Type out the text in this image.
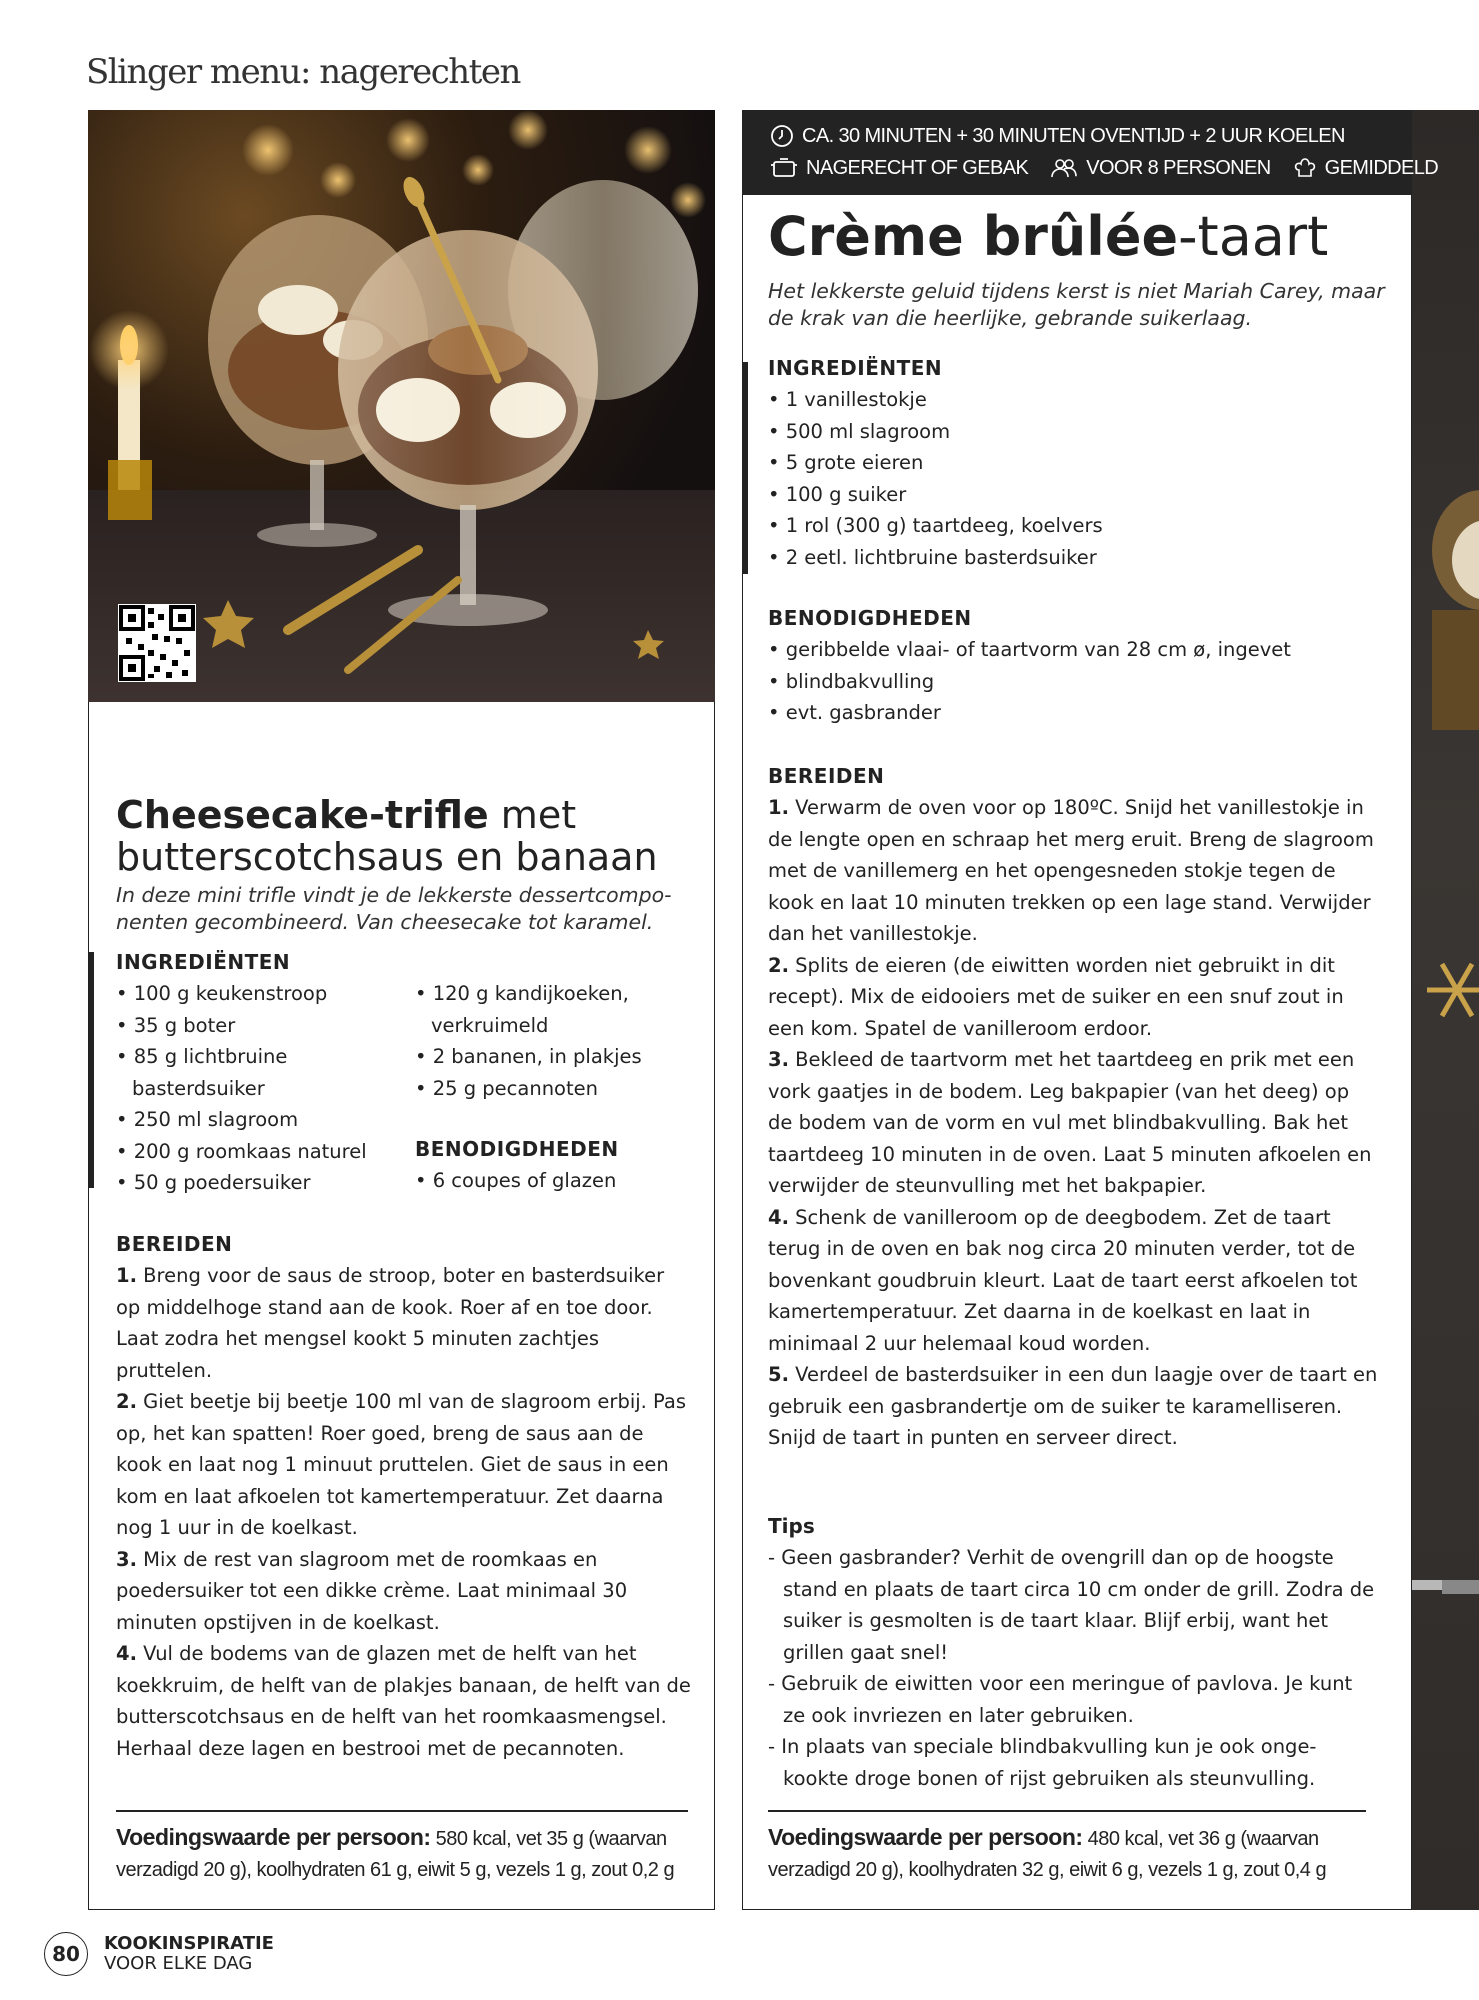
Slinger menu: nagerechten
Cheesecake-trifle met
butterscotchsaus en banaan
In deze mini trifle vindt je de lekkerste dessertcompo-nenten gecombineerd. Van cheesecake tot karamel.
INGREDIËNTEN
• 100 g keukenstroop
• 35 g boter
• 85 g lichtbruine basterdsuiker
• 250 ml slagroom
• 200 g roomkaas naturel
• 50 g poedersuiker
• 120 g kandijkoeken, verkruimeld
• 2 bananen, in plakjes
• 25 g pecannoten
BENODIGDHEDEN
• 6 coupes of glazen
BEREIDEN

1. Breng voor de saus de stroop, boter en basterdsuiker op middelhoge stand aan de kook. Roer af en toe door. Laat zodra het mengsel kookt 5 minuten zachtjes pruttelen.

2. Giet beetje bij beetje 100 ml van de slagroom erbij. Pas op, het kan spatten! Roer goed, breng de saus aan de kook en laat nog 1 minuut pruttelen. Giet de saus in een kom en laat afkoelen tot kamertemperatuur. Zet daarna nog 1 uur in de koelkast.

3. Mix de rest van slagroom met de roomkaas en poedersuiker tot een dikke crème. Laat minimaal 30 minuten opstijven in de koelkast.

4. Vul de bodems van de glazen met de helft van het koekkruim, de helft van de plakjes banaan, de helft van de butterscotchsaus en de helft van het roomkaasmengsel. Herhaal deze lagen en bestrooi met de pecannoten.

Voedingswaarde per persoon: 580 kcal, vet 35 g (waarvan verzadigd 20 g), koolhydraten 61 g, eiwit 5 g, vezels 1 g, zout 0,2 g
CA. 30 MINUTEN + 30 MINUTEN OVENTIJD + 2 UUR KOELEN
NAGERECHT OF GEBAK	VOOR 8 PERSONEN	GEMIDDELD
Crème brûlée-taart
Het lekkerste geluid tijdens kerst is niet Mariah Carey, maar de krak van die heerlijke, gebrande suikerlaag.
INGREDIËNTEN
• 1 vanillestokje
• 500 ml slagroom
• 5 grote eieren
• 100 g suiker
• 1 rol (300 g) taartdeeg, koelvers
• 2 eetl. lichtbruine basterdsuiker
BENODIGDHEDEN
• geribbelde vlaai- of taartvorm van 28 cm ø, ingevet
• blindbakvulling
• evt. gasbrander
BEREIDEN

1. Verwarm de oven voor op 180ºC. Snijd het vanillestokje in de lengte open en schraap het merg eruit. Breng de slagroom met de vanillemerg en het opengesneden stokje tegen de kook en laat 10 minuten trekken op een lage stand. Verwijder dan het vanillestokje.

2. Splits de eieren (de eiwitten worden niet gebruikt in dit recept). Mix de eidooiers met de suiker en een snuf zout in een kom. Spatel de vanilleroom erdoor.

3. Bekleed de taartvorm met het taartdeeg en prik met een vork gaatjes in de bodem. Leg bakpapier (van het deeg) op de bodem van de vorm en vul met blindbakvulling. Bak het taartdeeg 10 minuten in de oven. Laat 5 minuten afkoelen en verwijder de steunvulling met het bakpapier.

4. Schenk de vanilleroom op de deegbodem. Zet de taart terug in de oven en bak nog circa 20 minuten verder, tot de bovenkant goudbruin kleurt. Laat de taart eerst afkoelen tot kamertemperatuur. Zet daarna in de koelkast en laat in minimaal 2 uur helemaal koud worden.

5. Verdeel de basterdsuiker in een dun laagje over de taart en gebruik een gasbrandertje om de suiker te karamelliseren. Snijd de taart in punten en serveer direct.

Tips
- Geen gasbrander? Verhit de ovengrill dan op de hoogste stand en plaats de taart circa 10 cm onder de grill. Zodra de suiker is gesmolten is de taart klaar. Blijf erbij, want het grillen gaat snel!
- Gebruik de eiwitten voor een meringue of pavlova. Je kunt ze ook invriezen en later gebruiken.
- In plaats van speciale blindbakvulling kun je ook onge-kookte droge bonen of rijst gebruiken als steunvulling.
Voedingswaarde per persoon: 480 kcal, vet 36 g (waarvan verzadigd 20 g), koolhydraten 32 g, eiwit 6 g, vezels 1 g, zout 0,4 g
80	KOOKINSPIRATIE
VOOR ELKE DAG
